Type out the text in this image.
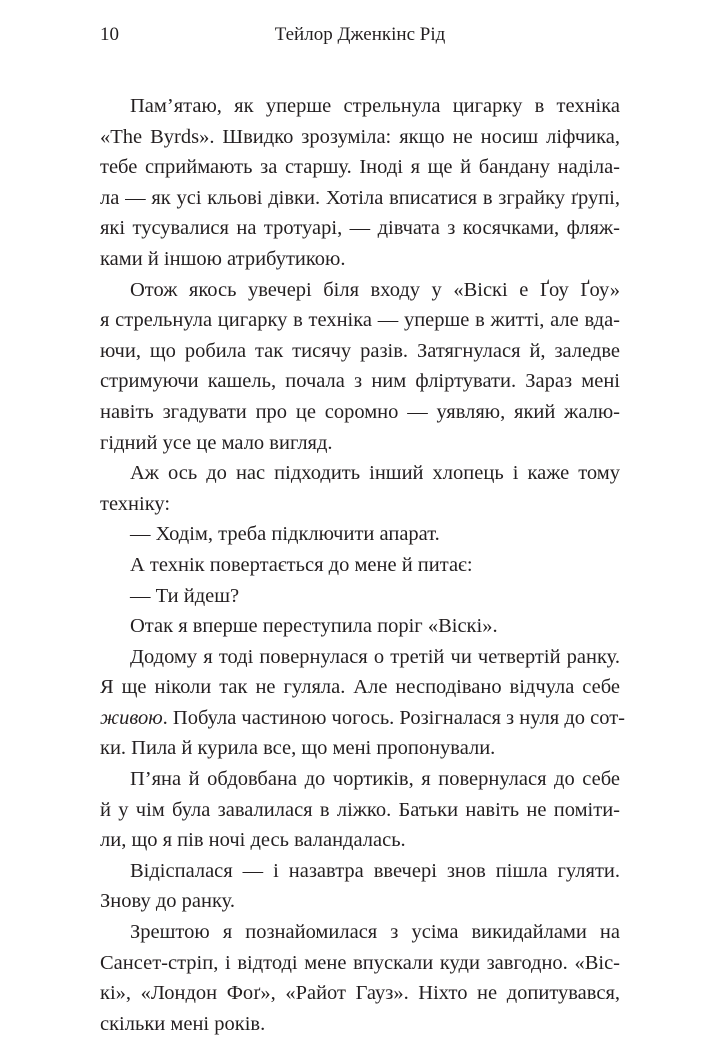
10	Тейлор Дженкінс Рід
Пам’ятаю, як уперше стрельнула цигарку в техніка
«The Byrds». Швидко зрозуміла: якщо не носиш ліфчика,
тебе сприймають за старшу. Іноді я ще й бандану наділа-
ла — як усі кльові дівки. Хотіла вписатися в зграйку ґрупі,
які тусувалися на тротуарі, — дівчата з косячками, фляж-
ками й іншою атрибутикою.
Отож якось увечері біля входу у «Віскі е Ґоу Ґоу»
я стрельнула цигарку в техніка — уперше в житті, але вда-
ючи, що робила так тисячу разів. Затягнулася й, заледве
стримуючи кашель, почала з ним фліртувати. Зараз мені
навіть згадувати про це соромно — уявляю, який жалю-
гідний усе це мало вигляд.
Аж ось до нас підходить інший хлопець і каже тому
технiку:
— Ходім, треба підключити апарат.
А технік повертається до мене й питає:
— Ти йдеш?
Отак я вперше переступила поріг «Віскі».
Додому я тоді повернулася о третій чи четвертій ранку.
Я ще ніколи так не гуляла. Але несподівано відчула себе
живою. Побула частиною чогось. Розігналася з нуля до сот-
ки. Пила й курила все, що мені пропонували.
П’яна й обдовбана до чортиків, я повернулася до себе
й у чім була завалилася в ліжко. Батьки навіть не поміти-
ли, що я пів ночі десь валандалась.
Відіспалася — і назавтра ввечері знов пішла гуляти.
Знову до ранку.
Зрештою я познайомилася з усіма викидайлами на
Сансет-стріп, і відтоді мене впускали куди завгодно. «Віс-
кі», «Лондон Фоґ», «Райот Гауз». Ніхто не допитувався,
скільки мені років.
